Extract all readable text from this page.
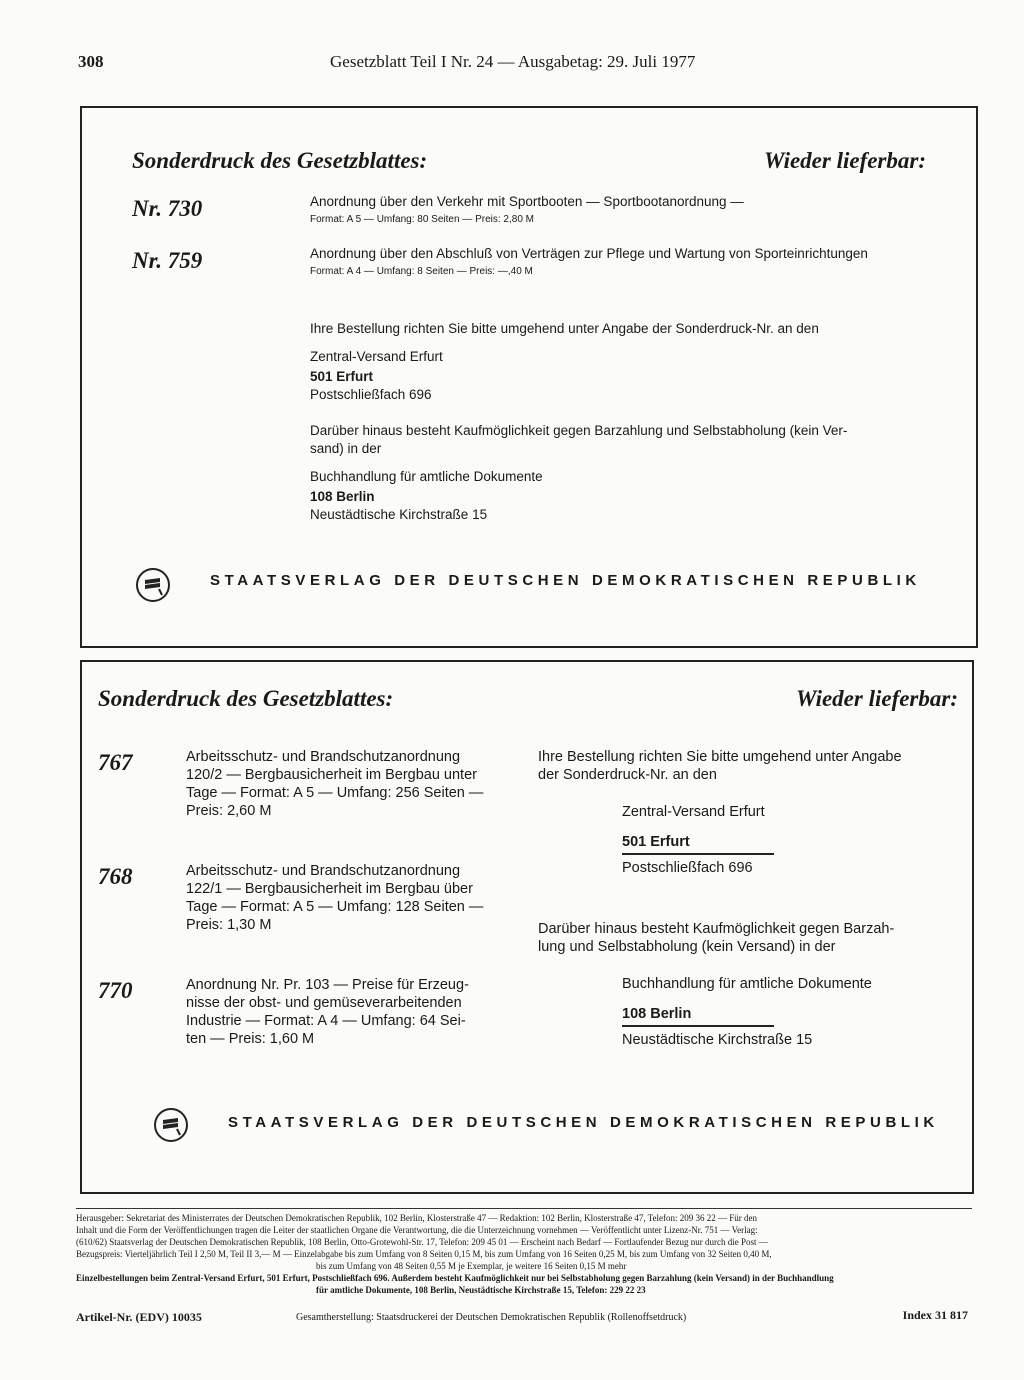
308	Gesetzblatt Teil I Nr. 24 — Ausgabetag: 29. Juli 1977
Sonderdruck des Gesetzblattes:	Wieder lieferbar:
Nr. 730	Anordnung über den Verkehr mit Sportbooten — Sportbootanordnung —
Format: A 5 — Umfang: 80 Seiten — Preis: 2,80 M
Nr. 759	Anordnung über den Abschluß von Verträgen zur Pflege und Wartung von Sporteinrichtungen
Format: A 4 — Umfang: 8 Seiten — Preis: —,40 M
Ihre Bestellung richten Sie bitte umgehend unter Angabe der Sonderdruck-Nr. an den
Zentral-Versand Erfurt
501 Erfurt
Postschließfach 696
Darüber hinaus besteht Kaufmöglichkeit gegen Barzahlung und Selbstabholung (kein Ver-
sand) in der
Buchhandlung für amtliche Dokumente
108 Berlin
Neustädtische Kirchstraße 15
STAATSVERLAG DER DEUTSCHEN DEMOKRATISCHEN REPUBLIK
Sonderdruck des Gesetzblattes:	Wieder lieferbar:
767	Arbeitsschutz- und Brandschutzanordnung
120/2 — Bergbausicherheit im Bergbau unter
Tage — Format: A 5 — Umfang: 256 Seiten —
Preis: 2,60 M
768	Arbeitsschutz- und Brandschutzanordnung
122/1 — Bergbausicherheit im Bergbau über
Tage — Format: A 5 — Umfang: 128 Seiten —
Preis: 1,30 M
770	Anordnung Nr. Pr. 103 — Preise für Erzeug-
nisse der obst- und gemüseverarbeitenden
Industrie — Format: A 4 — Umfang: 64 Sei-
ten — Preis: 1,60 M
Ihre Bestellung richten Sie bitte umgehend unter Angabe
der Sonderdruck-Nr. an den
Zentral-Versand Erfurt
501 Erfurt
Postschließfach 696
Darüber hinaus besteht Kaufmöglichkeit gegen Barzah-
lung und Selbstabholung (kein Versand) in der
Buchhandlung für amtliche Dokumente
108 Berlin
Neustädtische Kirchstraße 15
STAATSVERLAG DER DEUTSCHEN DEMOKRATISCHEN REPUBLIK
Herausgeber: Sekretariat des Ministerrates der Deutschen Demokratischen Republik, 102 Berlin, Klosterstraße 47 — Redaktion: 102 Berlin, Klosterstraße 47, Telefon: 209 36 22 — Für den
Inhalt und die Form der Veröffentlichungen tragen die Leiter der staatlichen Organe die Verantwortung, die die Unterzeichnung vornehmen — Veröffentlicht unter Lizenz-Nr. 751 — Verlag:
(610/62) Staatsverlag der Deutschen Demokratischen Republik, 108 Berlin, Otto-Grotewohl-Str. 17, Telefon: 209 45 01 — Erscheint nach Bedarf — Fortlaufender Bezug nur durch die Post —
Bezugspreis: Vierteljährlich Teil I 2,50 M, Teil II 3,— M — Einzelabgabe bis zum Umfang von 8 Seiten 0,15 M, bis zum Umfang von 16 Seiten 0,25 M, bis zum Umfang von 32 Seiten 0,40 M,
bis zum Umfang von 48 Seiten 0,55 M je Exemplar, je weitere 16 Seiten 0,15 M mehr
Einzelbestellungen beim Zentral-Versand Erfurt, 501 Erfurt, Postschließfach 696. Außerdem besteht Kaufmöglichkeit nur bei Selbstabholung gegen Barzahlung (kein Versand) in der Buchhandlung
für amtliche Dokumente, 108 Berlin, Neustädtische Kirchstraße 15, Telefon: 229 22 23
Artikel-Nr. (EDV) 10035	Gesamtherstellung: Staatsdruckerei der Deutschen Demokratischen Republik (Rollenoffsetdruck)	Index 31 817
